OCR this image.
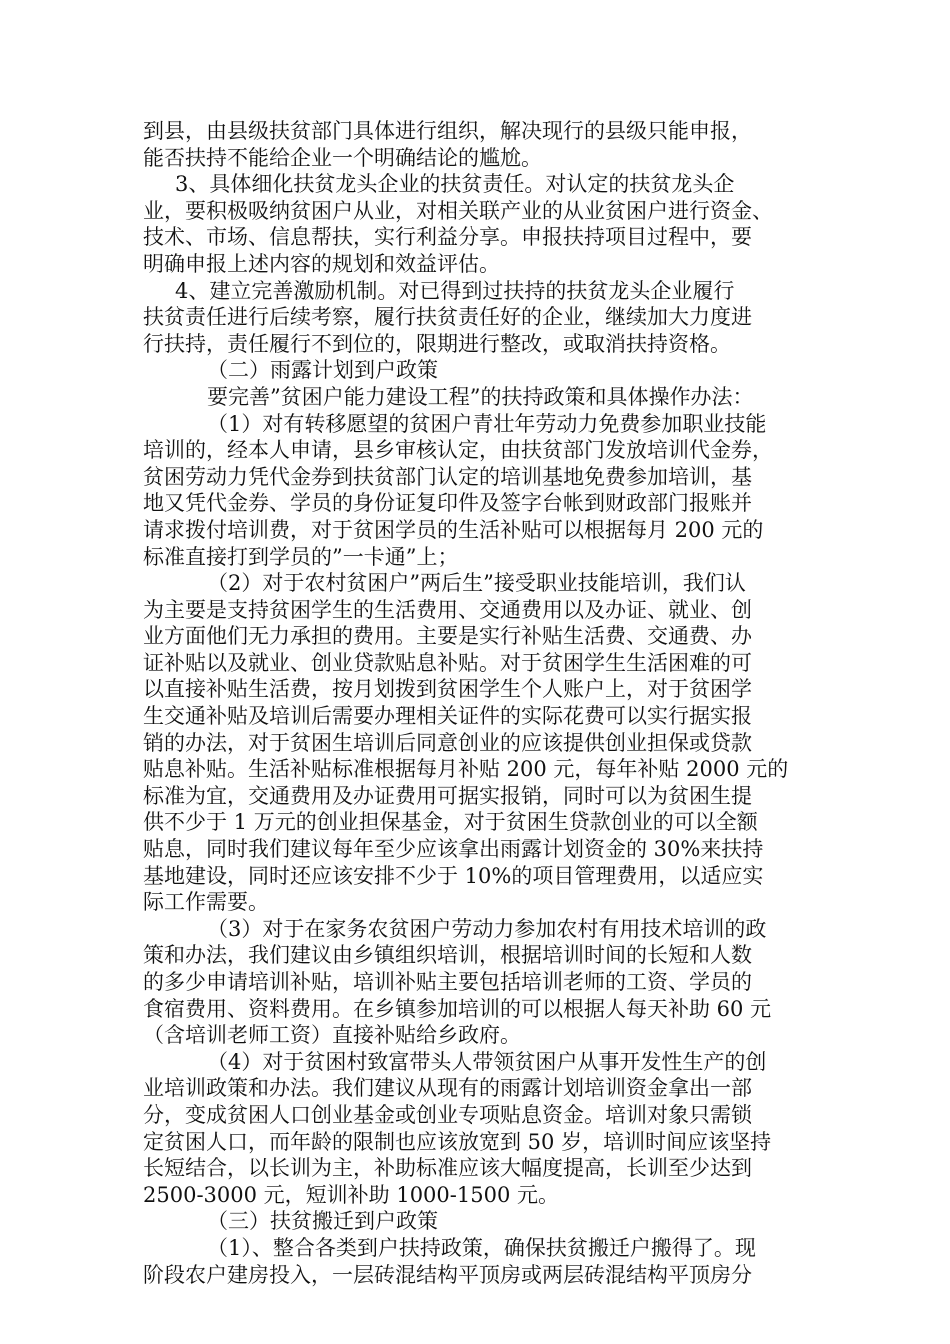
到县，由县级扶贫部门具体进行组织，解决现行的县级只能申报，
能否扶持不能给企业一个明确结论的尴尬。
3、具体细化扶贫龙头企业的扶贫责任。对认定的扶贫龙头企
业，要积极吸纳贫困户从业，对相关联产业的从业贫困户进行资金、
技术、市场、信息帮扶，实行利益分享。申报扶持项目过程中，要
明确申报上述内容的规划和效益评估。
4、建立完善激励机制。对已得到过扶持的扶贫龙头企业履行
扶贫责任进行后续考察，履行扶贫责任好的企业，继续加大力度进
行扶持，责任履行不到位的，限期进行整改，或取消扶持资格。
（二）雨露计划到户政策
要完善”贫困户能力建设工程”的扶持政策和具体操作办法：
（1）对有转移愿望的贫困户青壮年劳动力免费参加职业技能
培训的，经本人申请，县乡审核认定，由扶贫部门发放培训代金券，
贫困劳动力凭代金券到扶贫部门认定的培训基地免费参加培训，基
地又凭代金券、学员的身份证复印件及签字台帐到财政部门报账并
请求拨付培训费，对于贫困学员的生活补贴可以根据每月 200 元的
标准直接打到学员的”一卡通”上；
（2）对于农村贫困户”两后生”接受职业技能培训，我们认
为主要是支持贫困学生的生活费用、交通费用以及办证、就业、创
业方面他们无力承担的费用。主要是实行补贴生活费、交通费、办
证补贴以及就业、创业贷款贴息补贴。对于贫困学生生活困难的可
以直接补贴生活费，按月划拨到贫困学生个人账户上，对于贫困学
生交通补贴及培训后需要办理相关证件的实际花费可以实行据实报
销的办法，对于贫困生培训后同意创业的应该提供创业担保或贷款
贴息补贴。生活补贴标准根据每月补贴 200 元，每年补贴 2000 元的
标准为宜，交通费用及办证费用可据实报销，同时可以为贫困生提
供不少于 1 万元的创业担保基金，对于贫困生贷款创业的可以全额
贴息，同时我们建议每年至少应该拿出雨露计划资金的 30%来扶持
基地建设，同时还应该安排不少于 10%的项目管理费用，以适应实
际工作需要。
（3）对于在家务农贫困户劳动力参加农村有用技术培训的政
策和办法，我们建议由乡镇组织培训，根据培训时间的长短和人数
的多少申请培训补贴，培训补贴主要包括培训老师的工资、学员的
食宿费用、资料费用。在乡镇参加培训的可以根据人每天补助 60 元
（含培训老师工资）直接补贴给乡政府。
（4）对于贫困村致富带头人带领贫困户从事开发性生产的创
业培训政策和办法。我们建议从现有的雨露计划培训资金拿出一部
分，变成贫困人口创业基金或创业专项贴息资金。培训对象只需锁
定贫困人口，而年龄的限制也应该放宽到 50 岁，培训时间应该坚持
长短结合，以长训为主，补助标准应该大幅度提高，长训至少达到
2500-3000 元，短训补助 1000-1500 元。
（三）扶贫搬迁到户政策
（1）、整合各类到户扶持政策，确保扶贫搬迁户搬得了。现
阶段农户建房投入，一层砖混结构平顶房或两层砖混结构平顶房分
